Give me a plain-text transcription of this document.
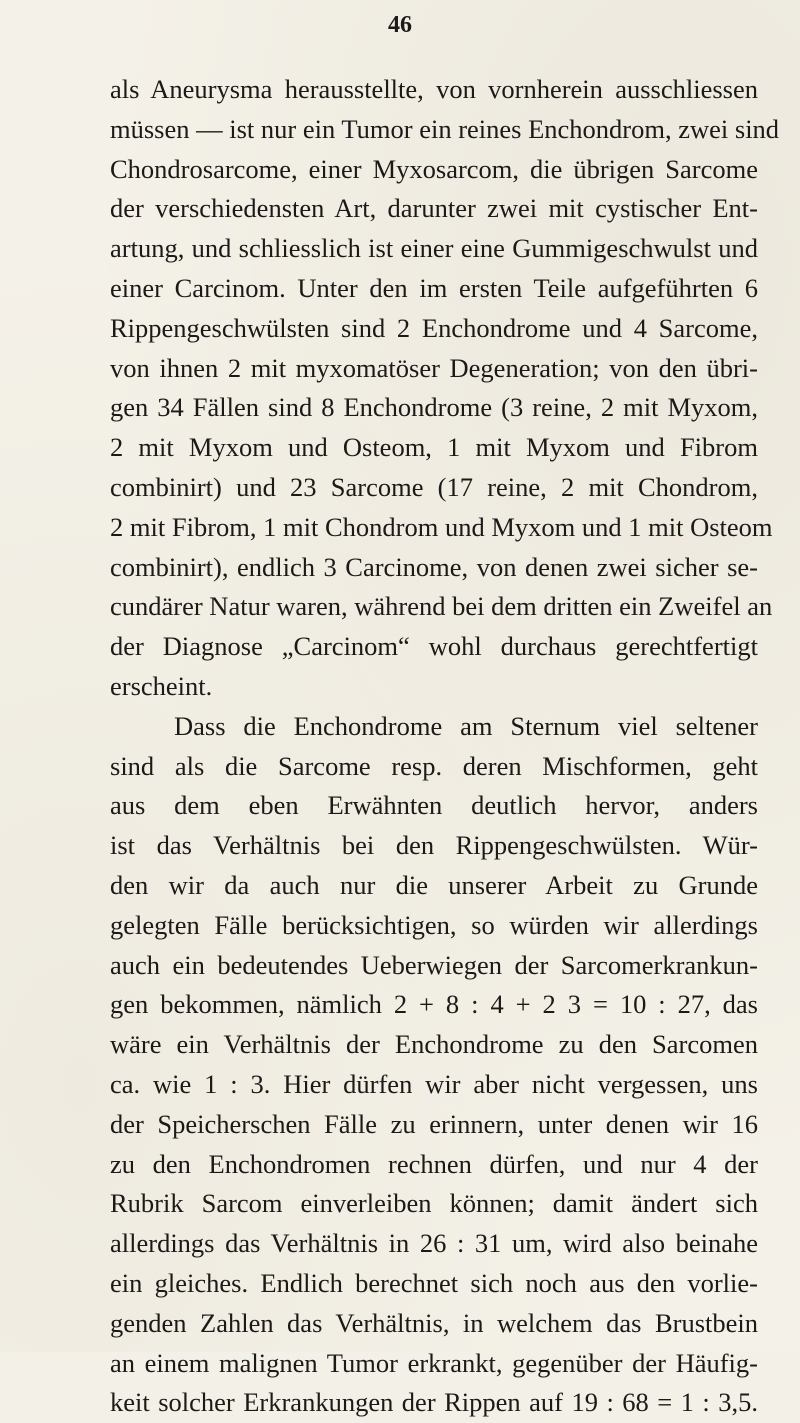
46
als Aneurysma herausstellte, von vornherein ausschliessen
müssen — ist nur ein Tumor ein reines Enchondrom, zwei sind
Chondrosarcome, einer Myxosarcom, die übrigen Sarcome
der verschiedensten Art, darunter zwei mit cystischer Ent-
artung, und schliesslich ist einer eine Gummigeschwulst und
einer Carcinom. Unter den im ersten Teile aufgeführten 6
Rippengeschwülsten sind 2 Enchondrome und 4 Sarcome,
von ihnen 2 mit myxomatöser Degeneration; von den übri-
gen 34 Fällen sind 8 Enchondrome (3 reine, 2 mit Myxom,
2 mit Myxom und Osteom, 1 mit Myxom und Fibrom
combinirt) und 23 Sarcome (17 reine, 2 mit Chondrom,
2 mit Fibrom, 1 mit Chondrom und Myxom und 1 mit Osteom
combinirt), endlich 3 Carcinome, von denen zwei sicher se-
cundärer Natur waren, während bei dem dritten ein Zweifel an
der Diagnose „Carcinom“ wohl durchaus gerechtfertigt
erscheint.
Dass die Enchondrome am Sternum viel seltener
sind als die Sarcome resp. deren Mischformen, geht
aus dem eben Erwähnten deutlich hervor, anders
ist das Verhältnis bei den Rippengeschwülsten. Wür-
den wir da auch nur die unserer Arbeit zu Grunde
gelegten Fälle berücksichtigen, so würden wir allerdings
auch ein bedeutendes Ueberwiegen der Sarcomerkrankun-
gen bekommen, nämlich 2 + 8 : 4 + 2 3 = 10 : 27, das
wäre ein Verhältnis der Enchondrome zu den Sarcomen
ca. wie 1 : 3. Hier dürfen wir aber nicht vergessen, uns
der Speicherschen Fälle zu erinnern, unter denen wir 16
zu den Enchondromen rechnen dürfen, und nur 4 der
Rubrik Sarcom einverleiben können; damit ändert sich
allerdings das Verhältnis in 26 : 31 um, wird also beinahe
ein gleiches. Endlich berechnet sich noch aus den vorlie-
genden Zahlen das Verhältnis, in welchem das Brustbein
an einem malignen Tumor erkrankt, gegenüber der Häufig-
keit solcher Erkrankungen der Rippen auf 19 : 68 = 1 : 3,5.
